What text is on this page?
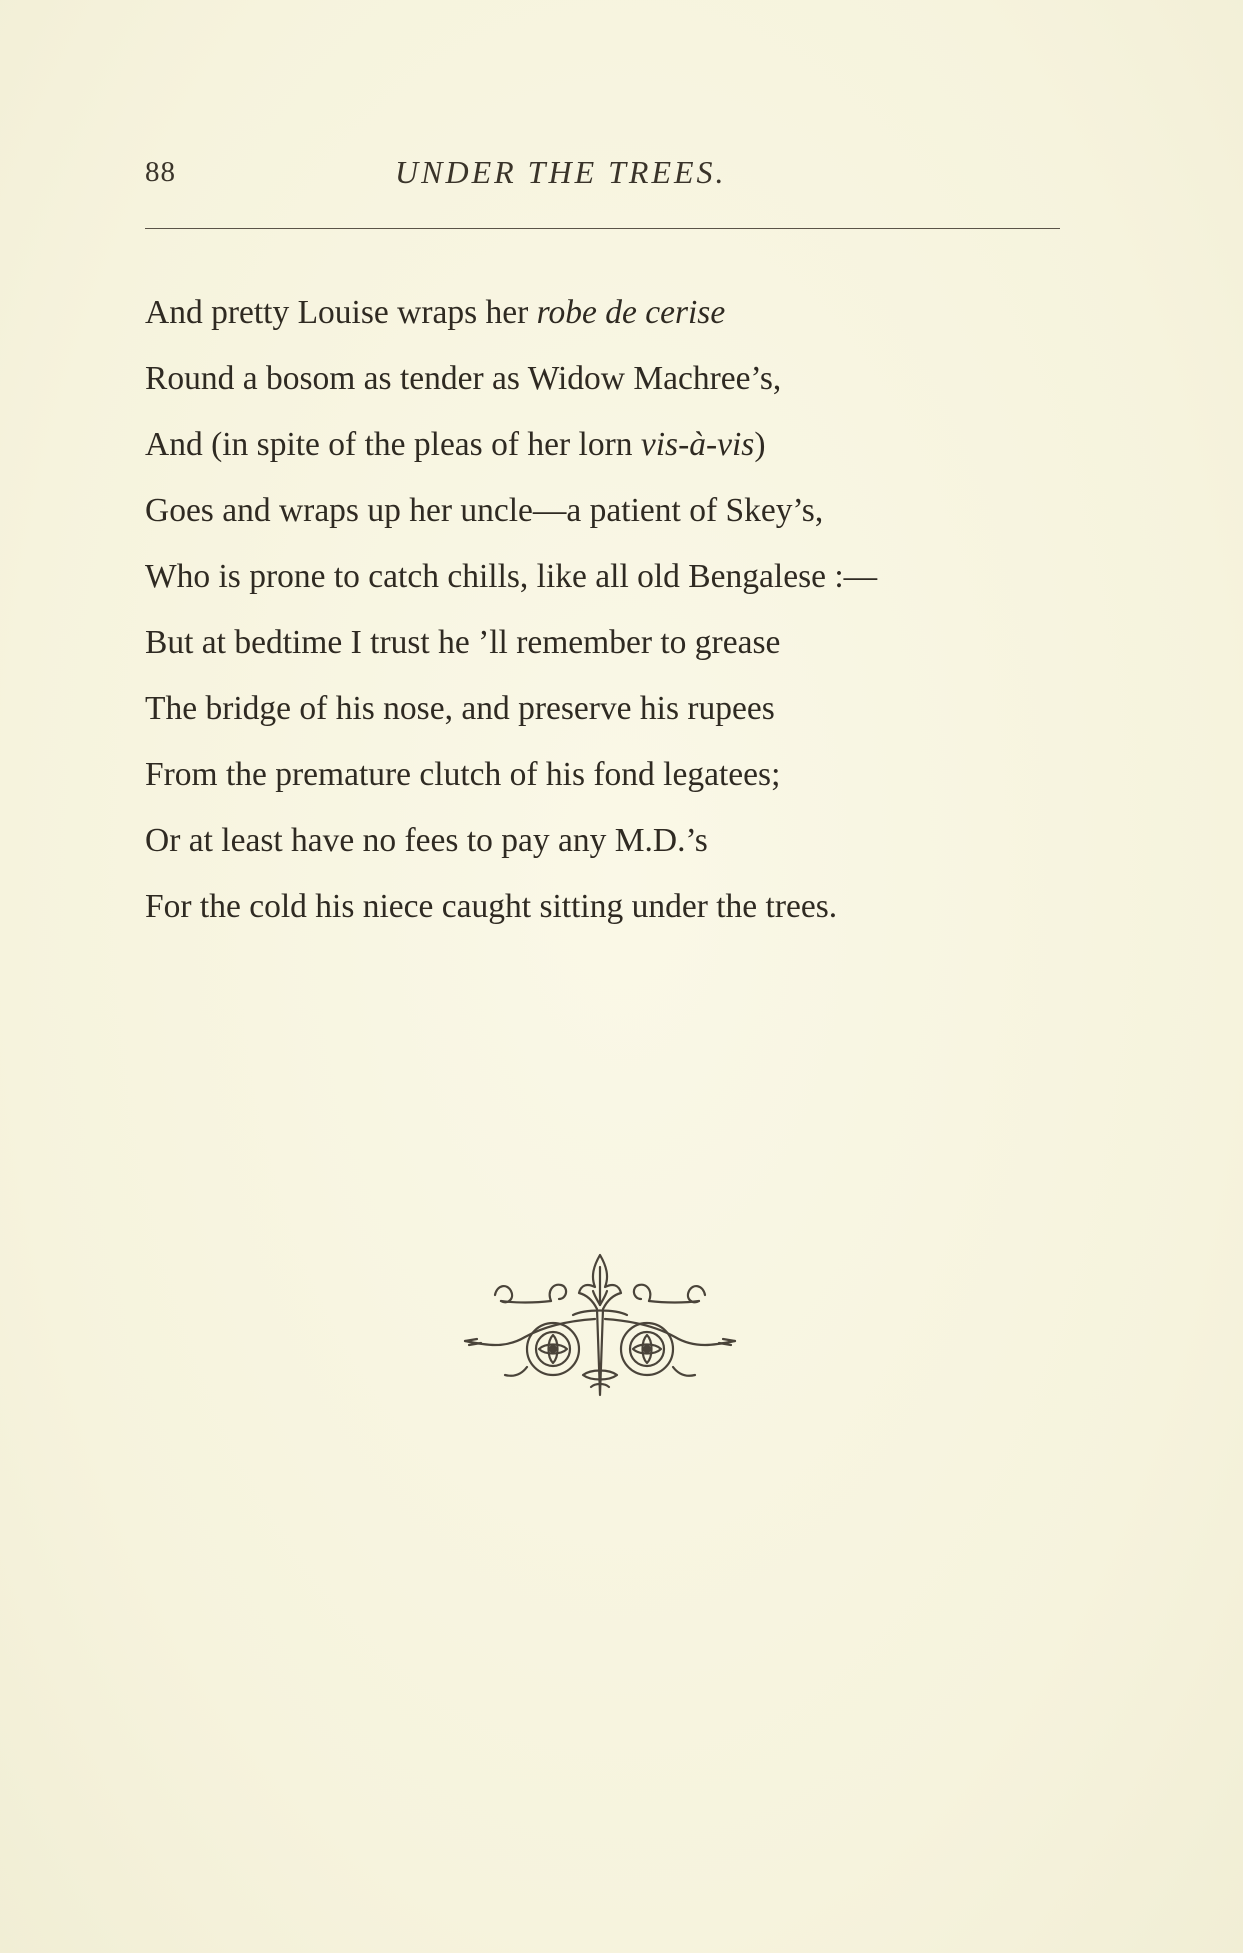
88	UNDER THE TREES.
And pretty Louise wraps her robe de cerise
Round a bosom as tender as Widow Machree’s,
And (in spite of the pleas of her lorn vis-à-vis)
Goes and wraps up her uncle—a patient of Skey’s,
Who is prone to catch chills, like all old Bengalese :—
But at bedtime I trust he ’ll remember to grease
The bridge of his nose, and preserve his rupees
From the premature clutch of his fond legatees;
Or at least have no fees to pay any M.D.’s
For the cold his niece caught sitting under the trees.
